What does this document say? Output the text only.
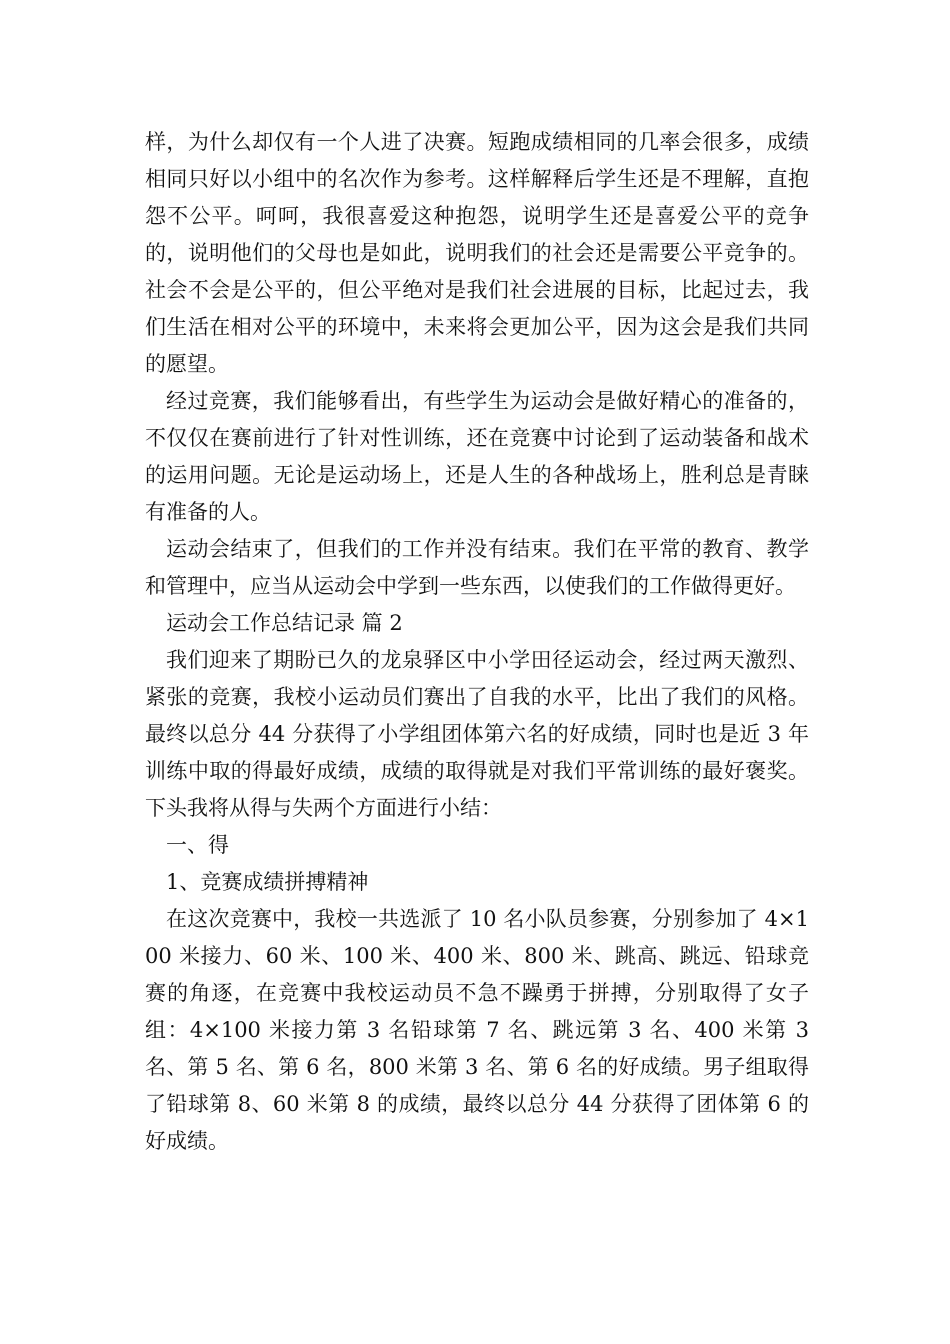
样，为什么却仅有一个人进了决赛。短跑成绩相同的几率会很多，成绩相同只好以小组中的名次作为参考。这样解释后学生还是不理解，直抱怨不公平。呵呵，我很喜爱这种抱怨，说明学生还是喜爱公平的竞争的，说明他们的父母也是如此，说明我们的社会还是需要公平竞争的。社会不会是公平的，但公平绝对是我们社会进展的目标，比起过去，我们生活在相对公平的环境中，未来将会更加公平，因为这会是我们共同的愿望。

经过竞赛，我们能够看出，有些学生为运动会是做好精心的准备的，不仅仅在赛前进行了针对性训练，还在竞赛中讨论到了运动装备和战术的运用问题。无论是运动场上，还是人生的各种战场上，胜利总是青睐有准备的人。

运动会结束了，但我们的工作并没有结束。我们在平常的教育、教学和管理中，应当从运动会中学到一些东西，以使我们的工作做得更好。

运动会工作总结记录 篇 2

我们迎来了期盼已久的龙泉驿区中小学田径运动会，经过两天激烈、紧张的竞赛，我校小运动员们赛出了自我的水平，比出了我们的风格。最终以总分 44 分获得了小学组团体第六名的好成绩，同时也是近 3 年训练中取的得最好成绩，成绩的取得就是对我们平常训练的最好褒奖。下头我将从得与失两个方面进行小结：

一、得

1、竞赛成绩拼搏精神

在这次竞赛中，我校一共选派了 10 名小队员参赛，分别参加了 4×100 米接力、60 米、100 米、400 米、800 米、跳高、跳远、铅球竞赛的角逐，在竞赛中我校运动员不急不躁勇于拼搏，分别取得了女子组：4×100 米接力第 3 名铅球第 7 名、跳远第 3 名、400 米第 3 名、第 5 名、第 6 名，800 米第 3 名、第 6 名的好成绩。男子组取得了铅球第 8、60 米第 8 的成绩，最终以总分 44 分获得了团体第 6 的好成绩。
